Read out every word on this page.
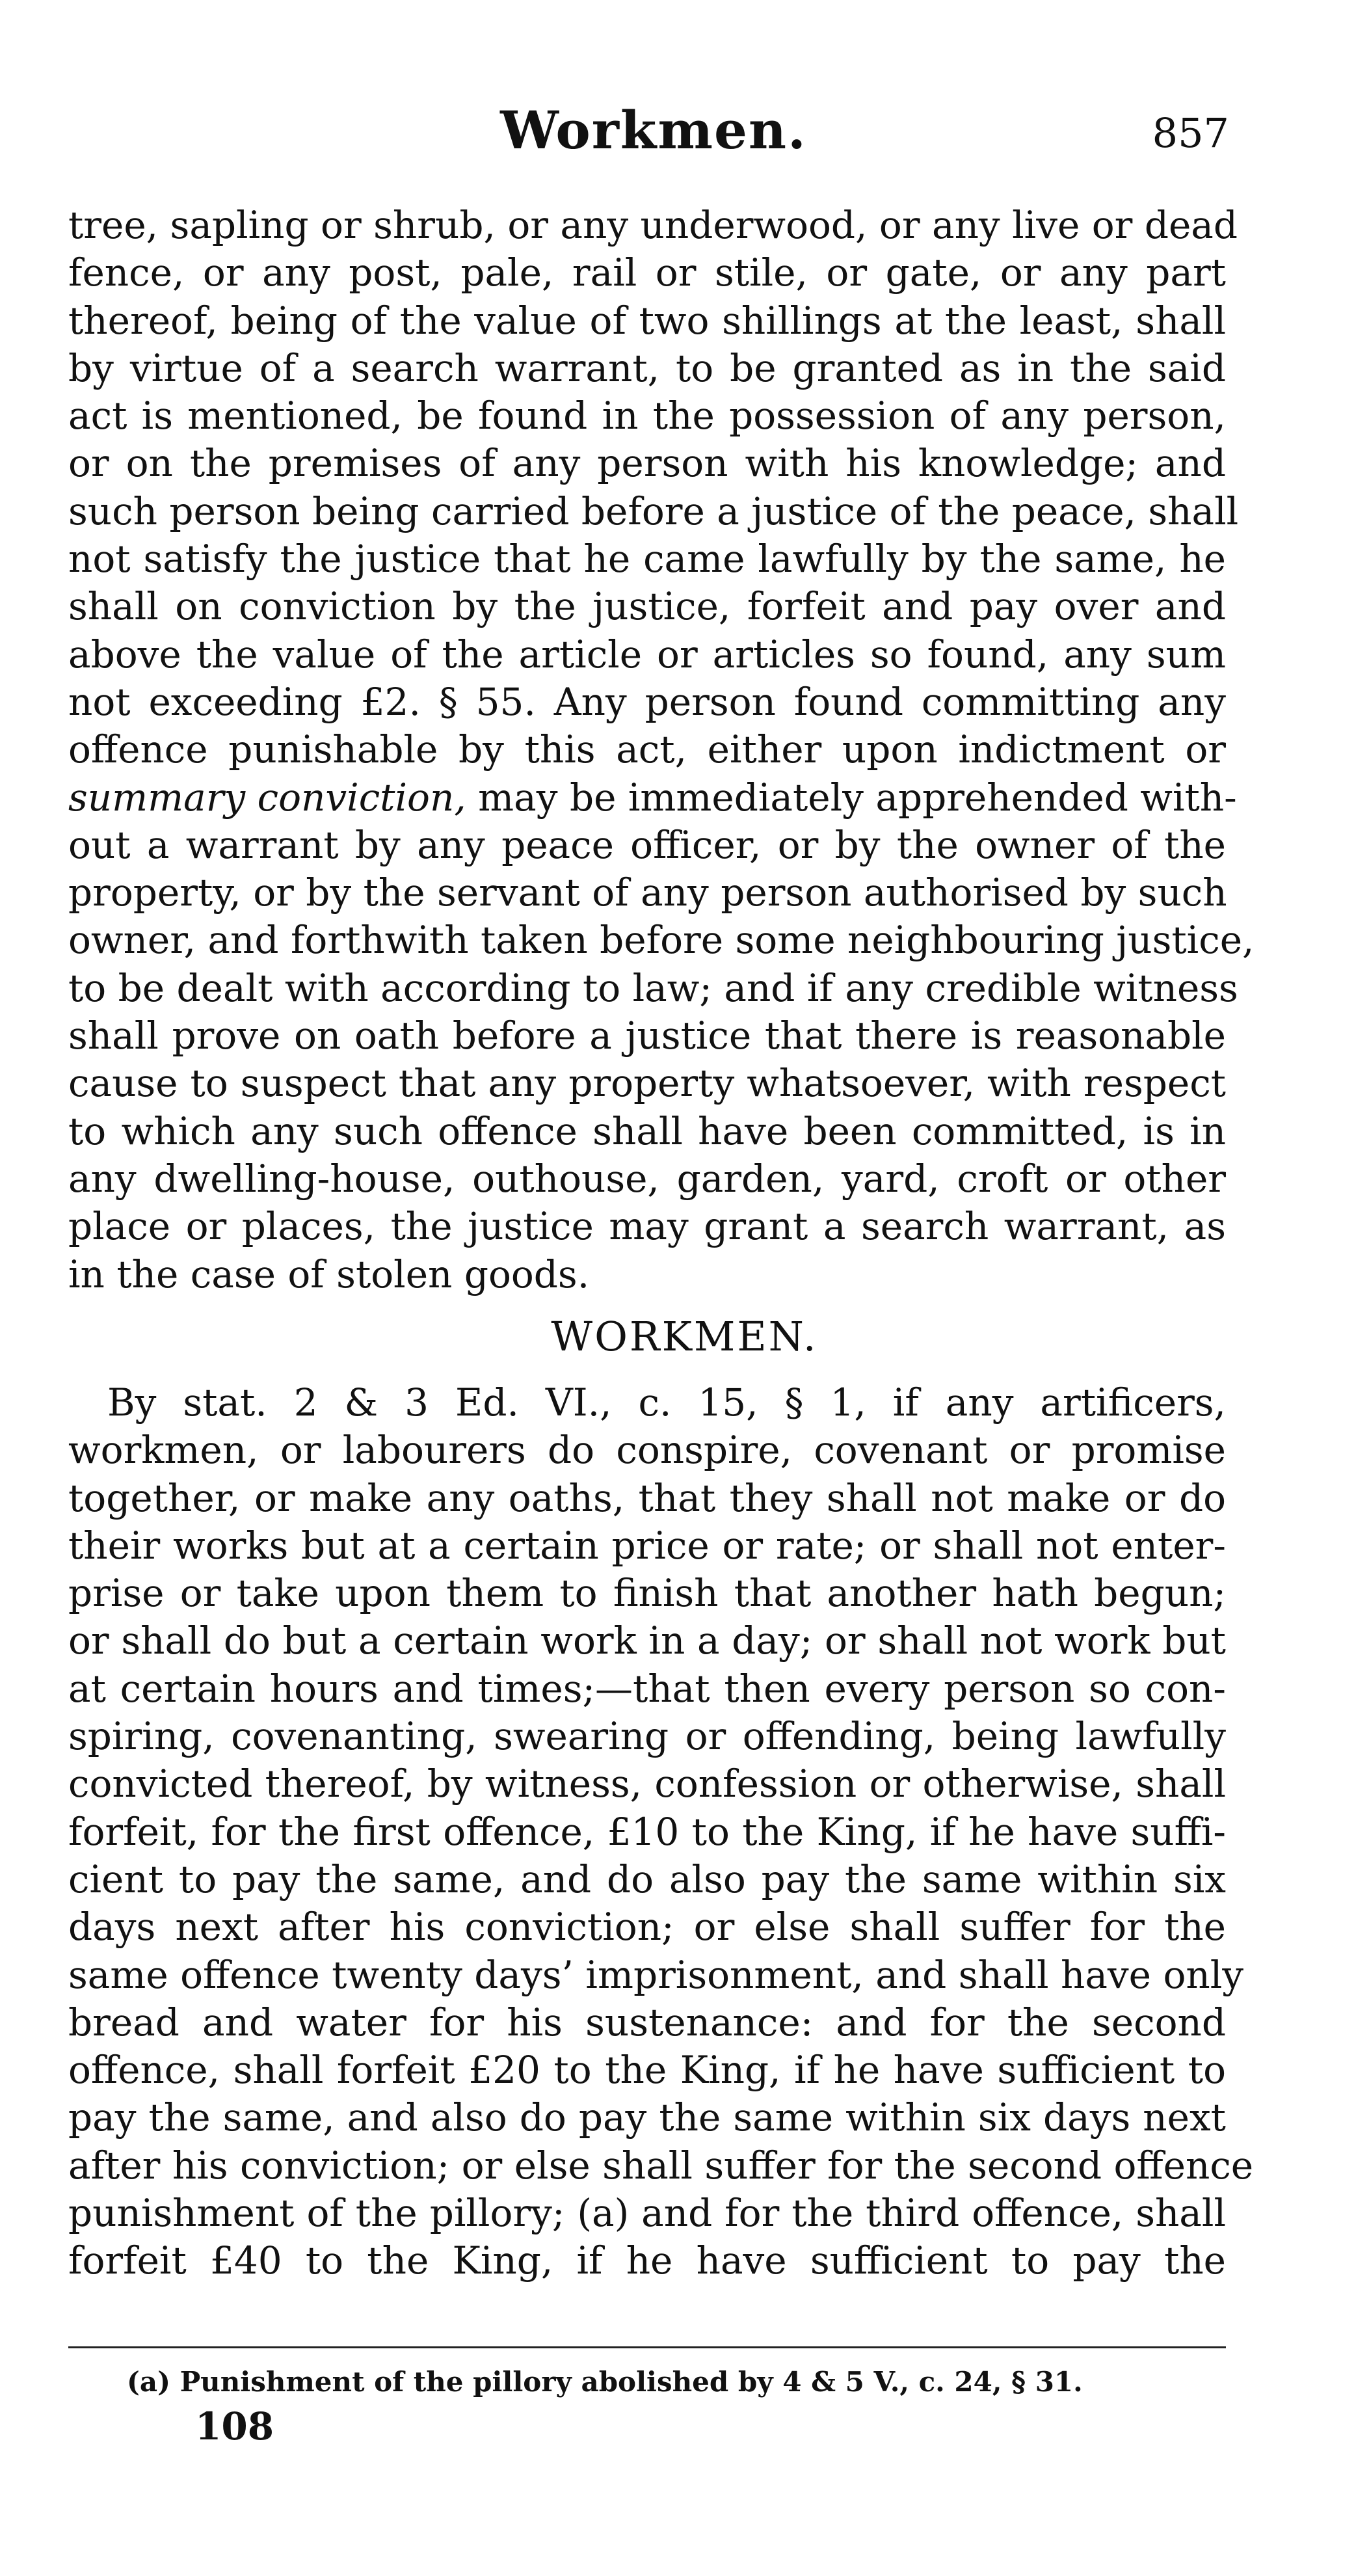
Workmen.	857
tree, sapling or shrub, or any underwood, or any live or dead
fence, or any post, pale, rail or stile, or gate, or any part
thereof, being of the value of two shillings at the least, shall
by virtue of a search warrant, to be granted as in the said
act is mentioned, be found in the possession of any person,
or on the premises of any person with his knowledge; and
such person being carried before a justice of the peace, shall
not satisfy the justice that he came lawfully by the same, he
shall on conviction by the justice, forfeit and pay over and
above the value of the article or articles so found, any sum
not exceeding £2. § 55. Any person found committing any
offence punishable by this act, either upon indictment or
summary conviction, may be immediately apprehended with-
out a warrant by any peace officer, or by the owner of the
property, or by the servant of any person authorised by such
owner, and forthwith taken before some neighbouring justice,
to be dealt with according to law; and if any credible witness
shall prove on oath before a justice that there is reasonable
cause to suspect that any property whatsoever, with respect
to which any such offence shall have been committed, is in
any dwelling-house, outhouse, garden, yard, croft or other
place or places, the justice may grant a search warrant, as
in the case of stolen goods.
WORKMEN.
By stat. 2 & 3 Ed. VI., c. 15, § 1, if any artificers,
workmen, or labourers do conspire, covenant or promise
together, or make any oaths, that they shall not make or do
their works but at a certain price or rate; or shall not enter-
prise or take upon them to finish that another hath begun;
or shall do but a certain work in a day; or shall not work but
at certain hours and times;—that then every person so con-
spiring, covenanting, swearing or offending, being lawfully
convicted thereof, by witness, confession or otherwise, shall
forfeit, for the first offence, £10 to the King, if he have suffi-
cient to pay the same, and do also pay the same within six
days next after his conviction; or else shall suffer for the
same offence twenty days’ imprisonment, and shall have only
bread and water for his sustenance: and for the second
offence, shall forfeit £20 to the King, if he have sufficient to
pay the same, and also do pay the same within six days next
after his conviction; or else shall suffer for the second offence
punishment of the pillory; (a) and for the third offence, shall
forfeit £40 to the King, if he have sufficient to pay the
(a) Punishment of the pillory abolished by 4 & 5 V., c. 24, § 31.
108
